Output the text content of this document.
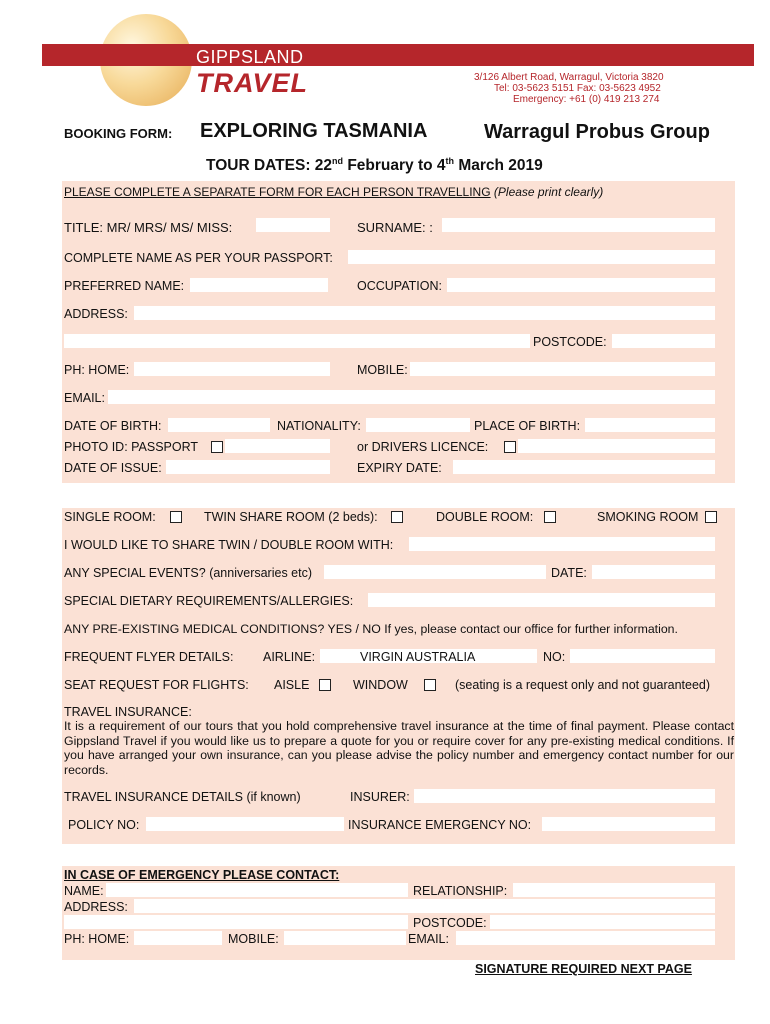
GIPPSLAND
TRAVEL	3/126 Albert Road, Warragul, Victoria 3820
Tel: 03-5623 5151 Fax: 03-5623 4952
Emergency: +61 (0) 419 213 274
BOOKING FORM: EXPLORING TASMANIA	Warragul Probus Group
TOUR DATES: 22nd February to 4th March 2019
PLEASE COMPLETE A SEPARATE FORM FOR EACH PERSON TRAVELLING (Please print clearly)
TITLE: MR/ MRS/ MS/ MISS:	SURNAME: :
COMPLETE NAME AS PER YOUR PASSPORT:
PREFERRED NAME:	OCCUPATION:
ADDRESS:
POSTCODE:
PH: HOME:	MOBILE:
EMAIL:
DATE OF BIRTH:	NATIONALITY:	PLACE OF BIRTH:
PHOTO ID: PASSPORT	or DRIVERS LICENCE:
DATE OF ISSUE:	EXPIRY DATE:
SINGLE ROOM:	TWIN SHARE ROOM (2 beds):	DOUBLE ROOM:	SMOKING ROOM
I WOULD LIKE TO SHARE TWIN / DOUBLE ROOM WITH:
ANY SPECIAL EVENTS? (anniversaries etc)	DATE:
SPECIAL DIETARY REQUIREMENTS/ALLERGIES:
ANY PRE-EXISTING MEDICAL CONDITIONS? YES / NO If yes, please contact our office for further information.
FREQUENT FLYER DETAILS: AIRLINE:	VIRGIN AUSTRALIA	NO:
SEAT REQUEST FOR FLIGHTS: AISLE	WINDOW	(seating is a request only and not guaranteed)
TRAVEL INSURANCE:
It is a requirement of our tours that you hold comprehensive travel insurance at the time of final payment. Please contact Gippsland Travel if you would like us to prepare a quote for you or require cover for any pre-existing medical conditions. If you have arranged your own insurance, can you please advise the policy number and emergency contact number for our records.
TRAVEL INSURANCE DETAILS (if known)	INSURER:
POLICY NO:	INSURANCE EMERGENCY NO:
IN CASE OF EMERGENCY PLEASE CONTACT:
NAME:	RELATIONSHIP:
ADDRESS:
POSTCODE:
PH: HOME:	MOBILE:	EMAIL:
SIGNATURE REQUIRED NEXT PAGE
